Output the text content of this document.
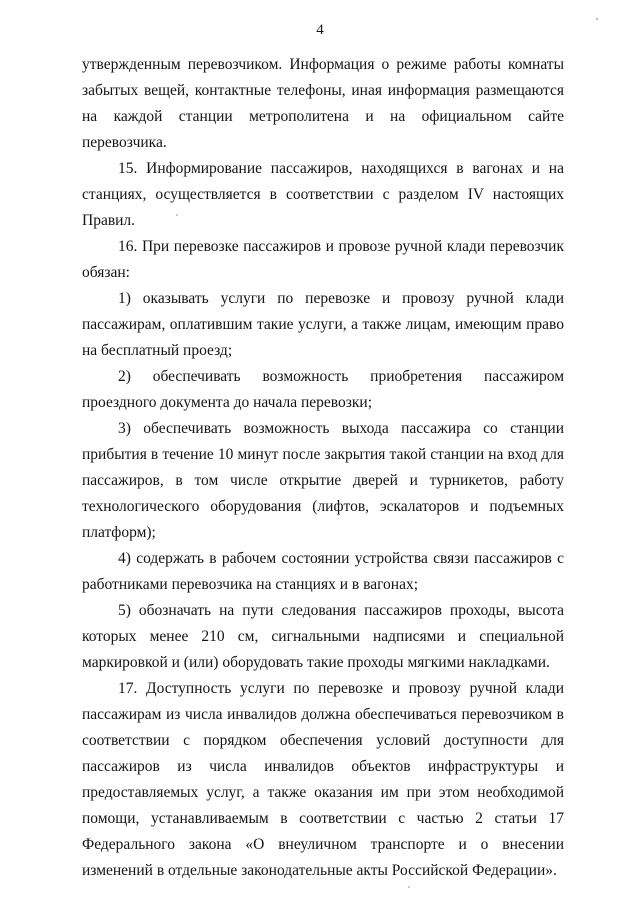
4

утвержденным перевозчиком. Информация о режиме работы комнаты забытых вещей, контактные телефоны, иная информация размещаются на каждой станции метрополитена и на официальном сайте перевозчика.

15. Информирование пассажиров, находящихся в вагонах и на станциях, осуществляется в соответствии с разделом IV настоящих Правил.

16. При перевозке пассажиров и провозе ручной клади перевозчик обязан:

1) оказывать услуги по перевозке и провозу ручной клади пассажирам, оплатившим такие услуги, а также лицам, имеющим право на бесплатный проезд;

2) обеспечивать возможность приобретения пассажиром проездного документа до начала перевозки;

3) обеспечивать возможность выхода пассажира со станции прибытия в течение 10 минут после закрытия такой станции на вход для пассажиров, в том числе открытие дверей и турникетов, работу технологического оборудования (лифтов, эскалаторов и подъемных платформ);

4) содержать в рабочем состоянии устройства связи пассажиров с работниками перевозчика на станциях и в вагонах;

5) обозначать на пути следования пассажиров проходы, высота которых менее 210 см, сигнальными надписями и специальной маркировкой и (или) оборудовать такие проходы мягкими накладками.

17. Доступность услуги по перевозке и провозу ручной клади пассажирам из числа инвалидов должна обеспечиваться перевозчиком в соответствии с порядком обеспечения условий доступности для пассажиров из числа инвалидов объектов инфраструктуры и предоставляемых услуг, а также оказания им при этом необходимой помощи, устанавливаемым в соответствии с частью 2 статьи 17 Федерального закона «О внеуличном транспорте и о внесении изменений в отдельные законодательные акты Российской Федерации».
